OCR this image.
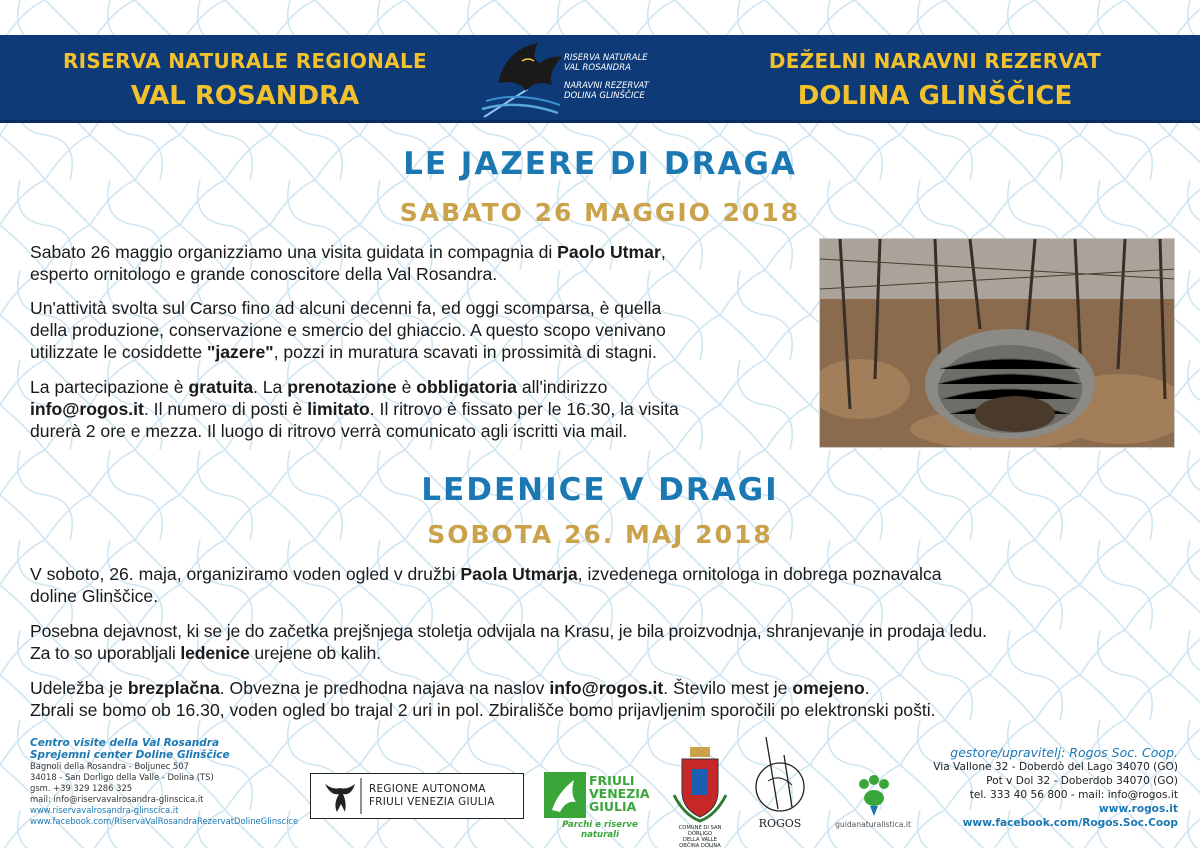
RISERVA NATURALE REGIONALE
VAL ROSANDRA
RISERVA NATURALE
VAL ROSANDRA
NARAVNI REZERVAT
DOLINA GLINŠČICE
DEŽELNI NARAVNI REZERVAT
DOLINA GLINŠČICE
LE JAZERE DI DRAGA
SABATO 26 MAGGIO 2018
Sabato 26 maggio organizziamo una visita guidata in compagnia di Paolo Utmar,
esperto ornitologo e grande conoscitore della Val Rosandra.
Un'attività svolta sul Carso fino ad alcuni decenni fa, ed oggi scomparsa, è quella
della produzione, conservazione e smercio del ghiaccio. A questo scopo venivano
utilizzate le cosiddette "jazere", pozzi in muratura scavati in prossimità di stagni.
La partecipazione è gratuita. La prenotazione è obbligatoria all'indirizzo
info@rogos.it. Il numero di posti è limitato. Il ritrovo è fissato per le 16.30, la visita
durerà 2 ore e mezza. Il luogo di ritrovo verrà comunicato agli iscritti via mail.
LEDENICE V DRAGI
SOBOTA 26. MAJ 2018
V soboto, 26. maja, organiziramo voden ogled v družbi Paola Utmarja, izvedenega ornitologa in dobrega poznavalca
doline Glinščice.
Posebna dejavnost, ki se je do začetka prejšnjega stoletja odvijala na Krasu, je bila proizvodnja, shranjevanje in prodaja ledu.
Za to so uporabljali ledenice urejene ob kalih.
Udeležba je brezplačna. Obvezna je predhodna najava na naslov info@rogos.it. Število mest je omejeno.
Zbrali se bomo ob 16.30, voden ogled bo trajal 2 uri in pol. Zbirališče bomo prijavljenim sporočili po elektronski pošti.
Centro visite della Val Rosandra
Sprejemni center Doline Glinščice
Bagnoli della Rosandra - Boljunec 507
34018 - San Dorligo della Valle - Dolina (TS)
gsm. +39 329 1286 325
mail: info@riservavalrosandra-glinscica.it
www.riservavalrosandra-glinscica.it
www.facebook.com/RiservaValRosandraRezervatDolineGlinscice
REGIONE AUTONOMA
FRIULI VENEZIA GIULIA
FRIULI
VENEZIA
GIULIA
Parchi e riserve naturali
COMUNE DI SAN DORLIGO
DELLA VALLE
OBČINA DOLINA
ROGOS	guidanaturalistica.it
gestore/upravitelj: Rogos Soc. Coop.
Via Vallone 32 - Doberdò del Lago 34070 (GO)
Pot v Dol 32 - Doberdob 34070 (GO)
tel. 333 40 56 800 - mail: info@rogos.it
www.rogos.it
www.facebook.com/Rogos.Soc.Coop
